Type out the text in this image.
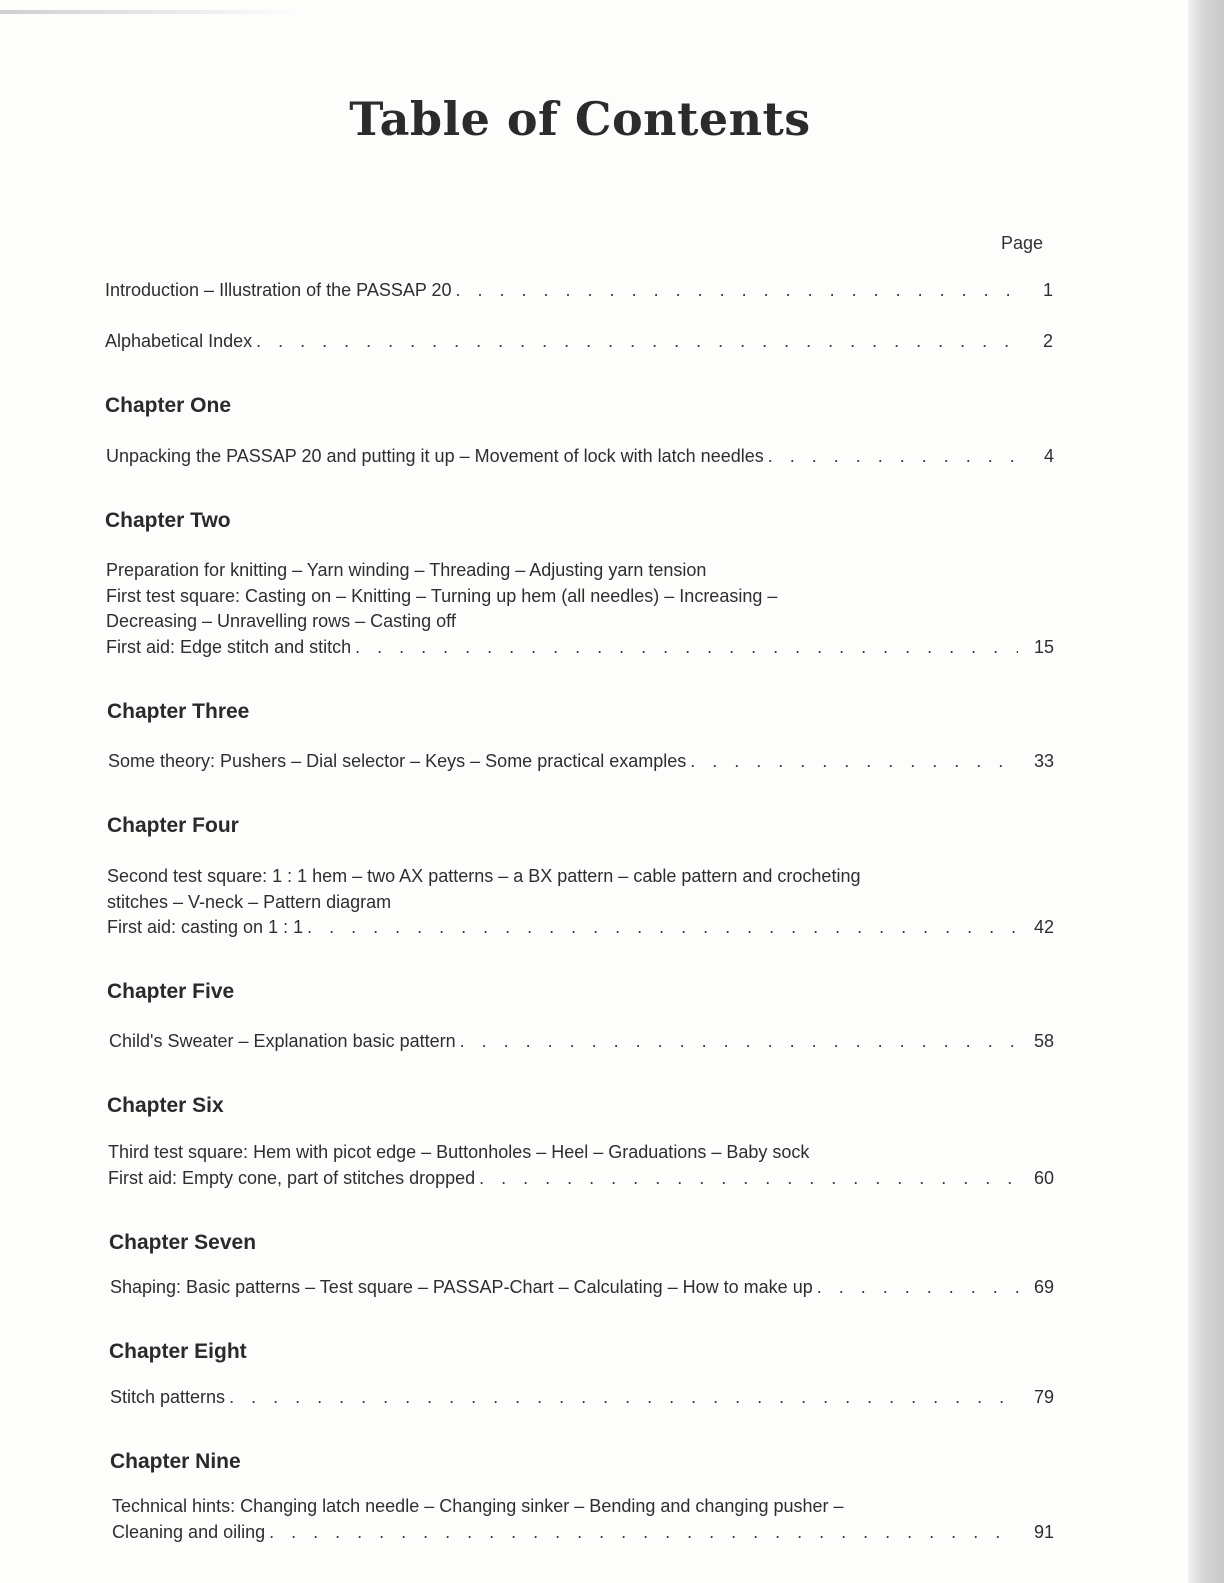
Table of Contents
Page
Introduction – Illustration of the PASSAP 20 . . .	1
Alphabetical Index . . .	2
Chapter One
Unpacking the PASSAP 20 and putting it up – Movement of lock with latch needles . . .	4
Chapter Two
Preparation for knitting – Yarn winding – Threading – Adjusting yarn tension
First test square: Casting on – Knitting – Turning up hem (all needles) – Increasing –
Decreasing – Unravelling rows – Casting off
First aid: Edge stitch and stitch . . .	15
Chapter Three
Some theory: Pushers – Dial selector – Keys – Some practical examples . . .	33
Chapter Four
Second test square: 1 : 1 hem – two AX patterns – a BX pattern – cable pattern and crocheting
stitches – V-neck – Pattern diagram
First aid: casting on 1 : 1 . . .	42
Chapter Five
Child's Sweater – Explanation basic pattern . . .	58
Chapter Six
Third test square: Hem with picot edge – Buttonholes – Heel – Graduations – Baby sock
First aid: Empty cone, part of stitches dropped . . .	60
Chapter Seven
Shaping: Basic patterns – Test square – PASSAP-Chart – Calculating – How to make up . . .	69
Chapter Eight
Stitch patterns . . .	79
Chapter Nine
Technical hints: Changing latch needle – Changing sinker – Bending and changing pusher –
Cleaning and oiling . . .	91
